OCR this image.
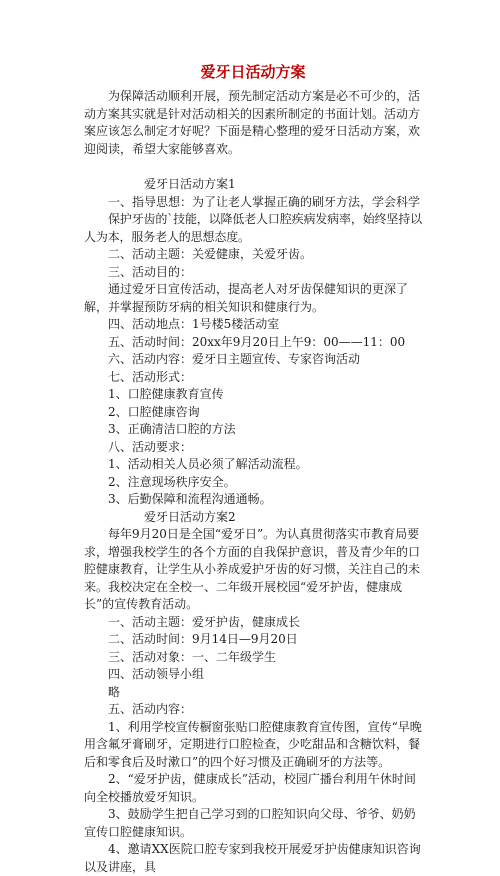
爱牙日活动方案

为保障活动顺利开展，预先制定活动方案是必不可少的，活动方案其实就是针对活动相关的因素所制定的书面计划。活动方案应该怎么制定才好呢？下面是精心整理的爱牙日活动方案，欢迎阅读，希望大家能够喜欢。

爱牙日活动方案1

一、指导思想：为了让老人掌握正确的刷牙方法，学会科学

保护牙齿的`技能，以降低老人口腔疾病发病率，始终坚持以人为本，服务老人的思想态度。

二、活动主题：关爱健康，关爱牙齿。

三、活动目的：

通过爱牙日宣传活动，提高老人对牙齿保健知识的更深了解，并掌握预防牙病的相关知识和健康行为。

四、活动地点：1号楼5楼活动室

五、活动时间：20xx年9月20日上午9：00——11：00

六、活动内容：爱牙日主题宣传、专家咨询活动

七、活动形式：

1、口腔健康教育宣传

2、口腔健康咨询

3、正确清洁口腔的方法

八、活动要求：

1、活动相关人员必须了解活动流程。

2、注意现场秩序安全。

3、后勤保障和流程沟通通畅。

爱牙日活动方案2

每年9月20日是全国“爱牙日”。为认真贯彻落实市教育局要求，增强我校学生的各个方面的自我保护意识，普及青少年的口腔健康教育，让学生从小养成爱护牙齿的好习惯，关注自己的未来。我校决定在全校一、二年级开展校园“爱牙护齿，健康成长”的宣传教育活动。

一、活动主题：爱牙护齿，健康成长

二、活动时间：9月14日—9月20日

三、活动对象：一、二年级学生

四、活动领导小组

略

五、活动内容：

1、利用学校宣传橱窗张贴口腔健康教育宣传图，宣传“早晚用含氟牙膏刷牙，定期进行口腔检查，少吃甜品和含糖饮料，餐后和零食后及时漱口”的四个好习惯及正确刷牙的方法等。

2、“爱牙护齿，健康成长”活动，校园广播台利用午休时间向全校播放爱牙知识。

3、鼓励学生把自己学习到的口腔知识向父母、爷爷、奶奶宣传口腔健康知识。

4、邀请XX医院口腔专家到我校开展爱牙护齿健康知识咨询以及讲座，具
